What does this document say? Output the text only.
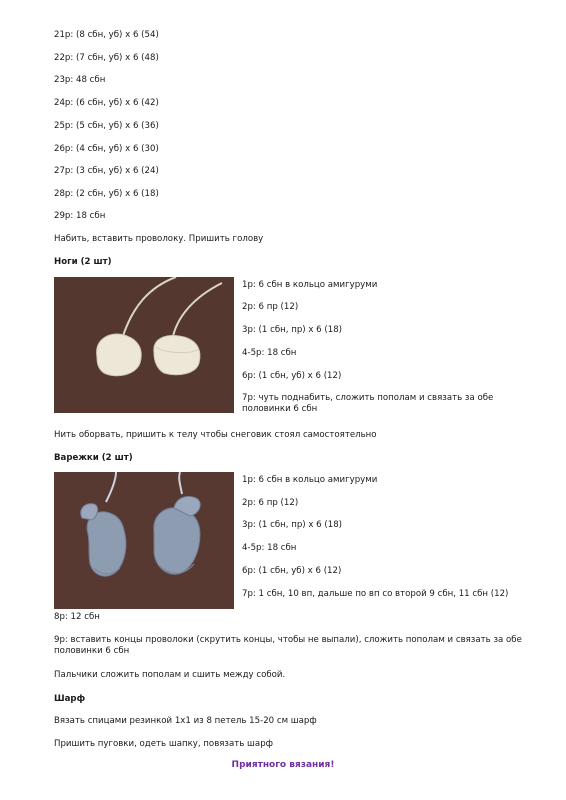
21р: (8 сбн, уб) х 6 (54)
22р: (7 сбн, уб) х 6 (48)
23р: 48 сбн
24р: (6 сбн, уб) х 6 (42)
25р: (5 сбн, уб) х 6 (36)
26р: (4 сбн, уб) х 6 (30)
27р: (3 сбн, уб) х 6 (24)
28р: (2 сбн, уб) х 6 (18)
29р: 18 сбн
Набить, вставить проволоку. Пришить голову
Ноги (2 шт)
1р: 6 сбн в кольцо амигуруми
2р: 6 пр (12)
3р: (1 сбн, пр) х 6 (18)
4-5р: 18 сбн
6р: (1 сбн, уб) х 6 (12)
7р: чуть поднабить, сложить пополам и связать за обе половинки 6 сбн
Нить оборвать, пришить к телу чтобы снеговик стоял самостоятельно
Варежки (2 шт)
1р: 6 сбн в кольцо амигуруми
2р: 6 пр (12)
3р: (1 сбн, пр) х 6 (18)
4-5р: 18 сбн
6р: (1 сбн, уб) х 6 (12)
7р: 1 сбн, 10 вп, дальше по вп со второй 9 сбн, 11 сбн (12)
8р: 12 сбн
9р: вставить концы проволоки (скрутить концы, чтобы не выпали), сложить пополам и связать за обе половинки 6 сбн
Пальчики сложить пополам и сшить между собой.
Шарф
Вязать спицами резинкой 1х1 из 8 петель 15-20 см шарф
Пришить пуговки, одеть шапку, повязать шарф
Приятного вязания!
